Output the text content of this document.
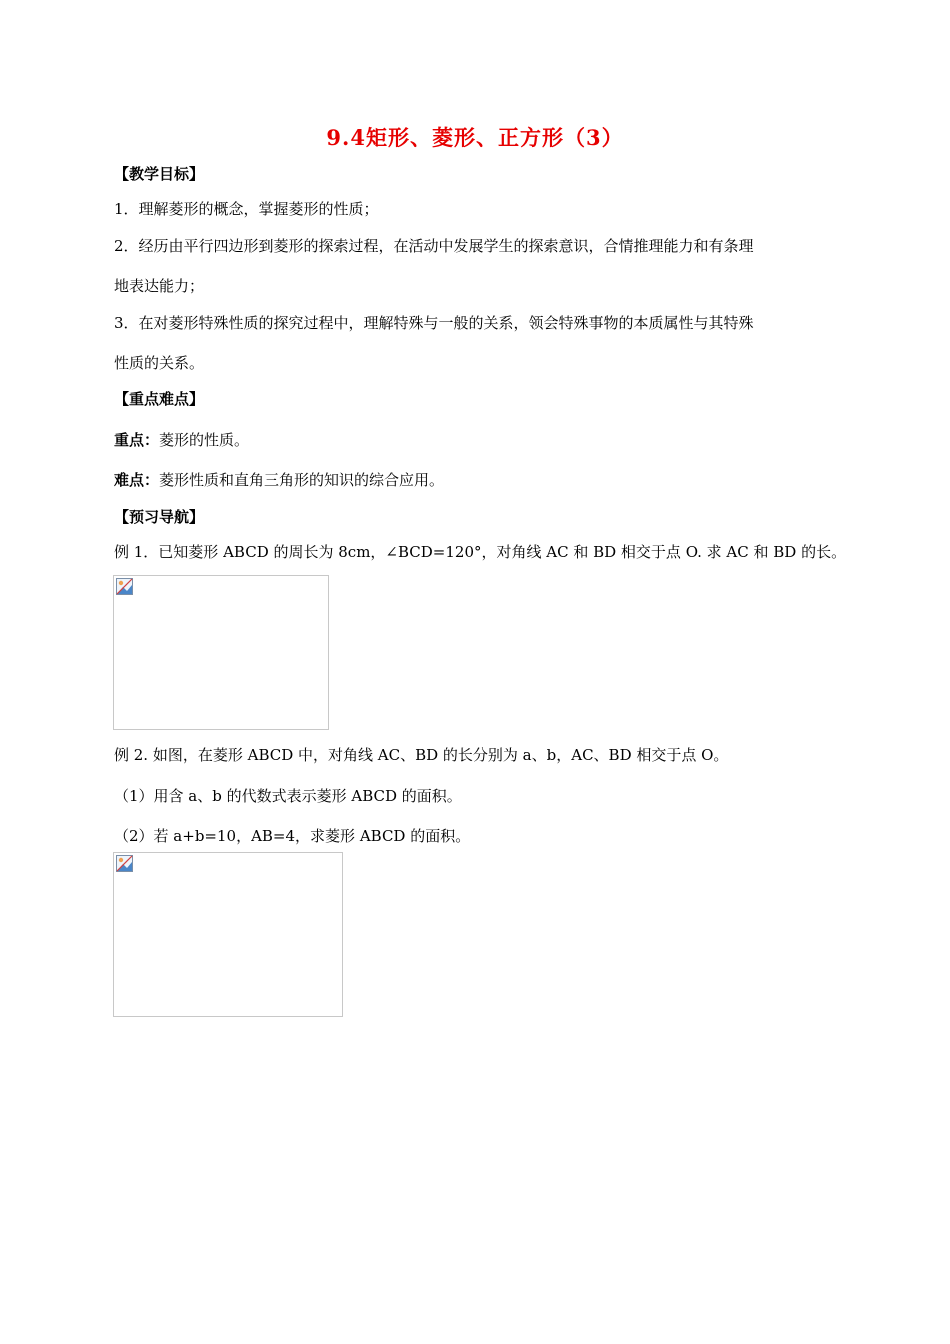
9.4矩形、菱形、正方形（3）
【教学目标】
1．理解菱形的概念，掌握菱形的性质；
2．经历由平行四边形到菱形的探索过程，在活动中发展学生的探索意识，合情推理能力和有条理
地表达能力；
3．在对菱形特殊性质的探究过程中，理解特殊与一般的关系，领会特殊事物的本质属性与其特殊
性质的关系。
【重点难点】
重点：菱形的性质。
难点：菱形性质和直角三角形的知识的综合应用。
【预习导航】
例 1．已知菱形 ABCD 的周长为 8cm，∠BCD=120°，对角线 AC 和 BD 相交于点 O. 求 AC 和 BD 的长。
例 2. 如图，在菱形 ABCD 中，对角线 AC、BD 的长分别为 a、b，AC、BD 相交于点 O。
（1）用含 a、b 的代数式表示菱形 ABCD 的面积。
（2）若 a+b=10，AB=4，求菱形 ABCD 的面积。
